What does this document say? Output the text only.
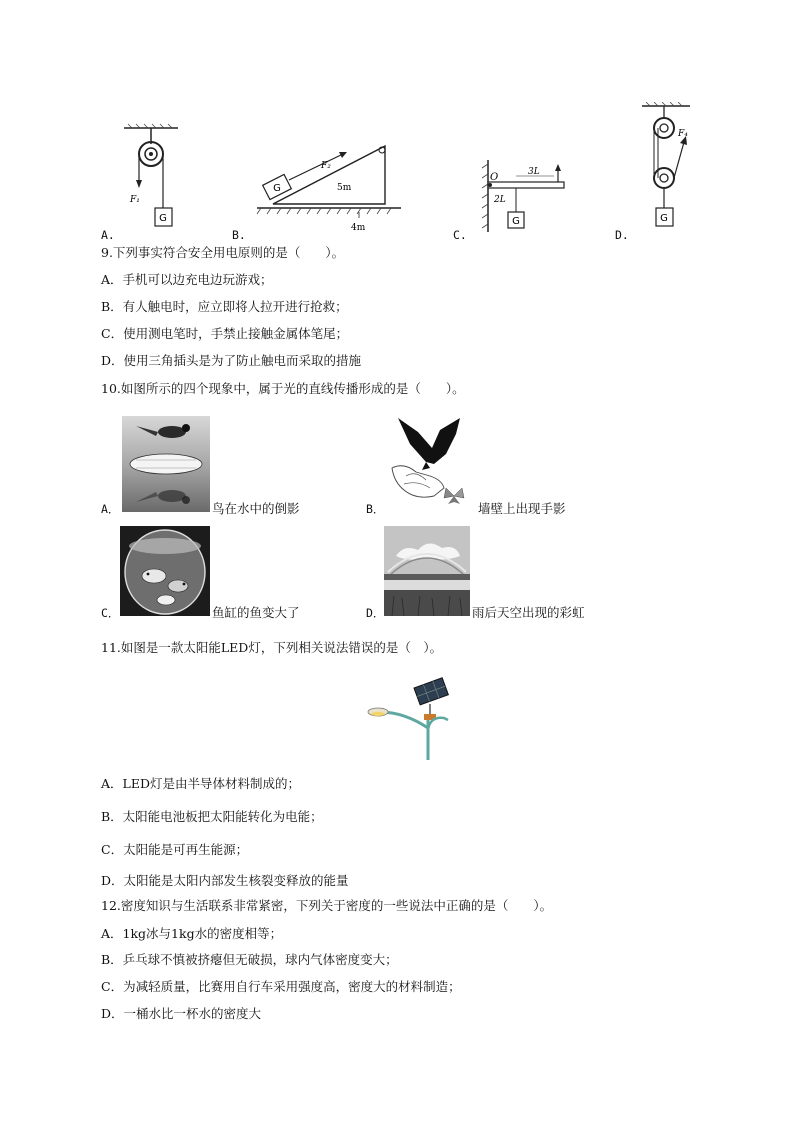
G
F₁
A.
G
F₂
5m
4m
B.
O	3L
2L
G
C.
F₄
G
D.
9.下列事实符合安全用电原则的是（　　）。
A．手机可以边充电边玩游戏；
B．有人触电时，应立即将人拉开进行抢救；
C．使用测电笔时，手禁止接触金属体笔尾；
D．使用三角插头是为了防止触电而采取的措施
10.如图所示的四个现象中，属于光的直线传播形成的是（　　）。
A．	鸟在水中的倒影	B．	墙壁上出现手影
C．	鱼缸的鱼变大了	D．	雨后天空出现的彩虹
11.如图是一款太阳能LED灯，下列相关说法错误的是（　）。
A．LED灯是由半导体材料制成的；
B．太阳能电池板把太阳能转化为电能；
C．太阳能是可再生能源；
D．太阳能是太阳内部发生核裂变释放的能量
12.密度知识与生活联系非常紧密，下列关于密度的一些说法中正确的是（　　）。
A．1kg冰与1kg水的密度相等；
B．乒乓球不慎被挤瘪但无破损，球内气体密度变大；
C．为减轻质量，比赛用自行车采用强度高，密度大的材料制造；
D．一桶水比一杯水的密度大
